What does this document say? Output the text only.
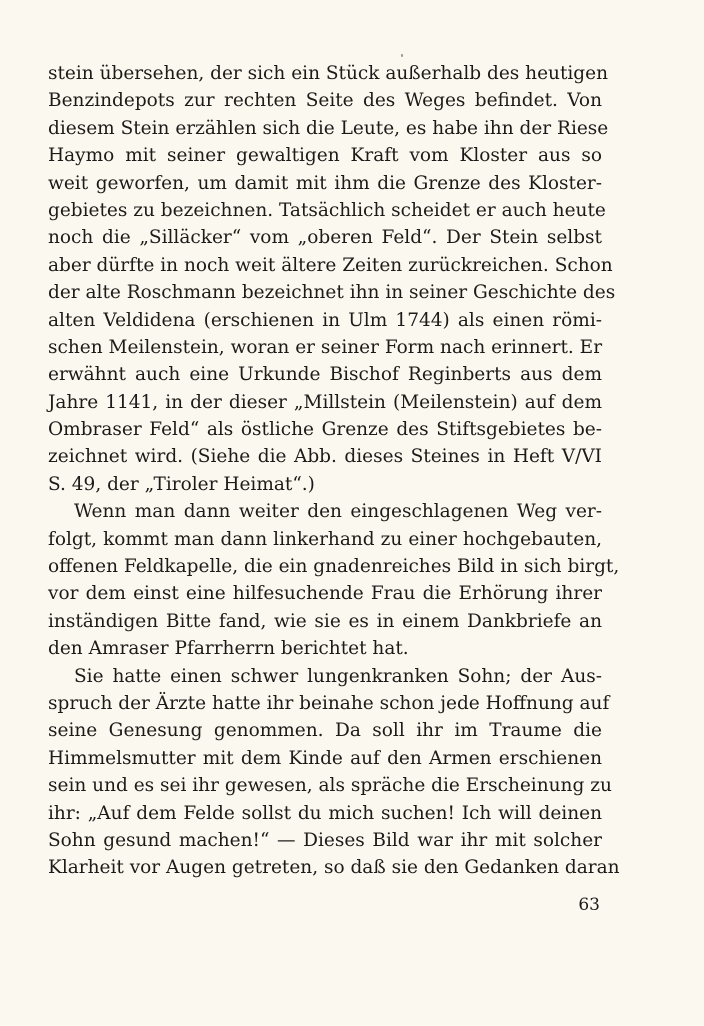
stein übersehen, der sich ein Stück außerhalb des heutigen
Benzindepots zur rechten Seite des Weges befindet. Von
diesem Stein erzählen sich die Leute, es habe ihn der Riese
Haymo mit seiner gewaltigen Kraft vom Kloster aus so
weit geworfen, um damit mit ihm die Grenze des Kloster-
gebietes zu bezeichnen. Tatsächlich scheidet er auch heute
noch die „Silläcker“ vom „oberen Feld“. Der Stein selbst
aber dürfte in noch weit ältere Zeiten zurückreichen. Schon
der alte Roschmann bezeichnet ihn in seiner Geschichte des
alten Veldidena (erschienen in Ulm 1744) als einen römi-
schen Meilenstein, woran er seiner Form nach erinnert. Er
erwähnt auch eine Urkunde Bischof Reginberts aus dem
Jahre 1141, in der dieser „Millstein (Meilenstein) auf dem
Ombraser Feld“ als östliche Grenze des Stiftsgebietes be-
zeichnet wird. (Siehe die Abb. dieses Steines in Heft V/VI
S. 49, der „Tiroler Heimat“.)
Wenn man dann weiter den eingeschlagenen Weg ver-
folgt, kommt man dann linkerhand zu einer hochgebauten,
offenen Feldkapelle, die ein gnadenreiches Bild in sich birgt,
vor dem einst eine hilfesuchende Frau die Erhörung ihrer
inständigen Bitte fand, wie sie es in einem Dankbriefe an
den Amraser Pfarrherrn berichtet hat.
Sie hatte einen schwer lungenkranken Sohn; der Aus-
spruch der Ärzte hatte ihr beinahe schon jede Hoffnung auf
seine Genesung genommen. Da soll ihr im Traume die
Himmelsmutter mit dem Kinde auf den Armen erschienen
sein und es sei ihr gewesen, als spräche die Erscheinung zu
ihr: „Auf dem Felde sollst du mich suchen! Ich will deinen
Sohn gesund machen!“ — Dieses Bild war ihr mit solcher
Klarheit vor Augen getreten, so daß sie den Gedanken daran
63
